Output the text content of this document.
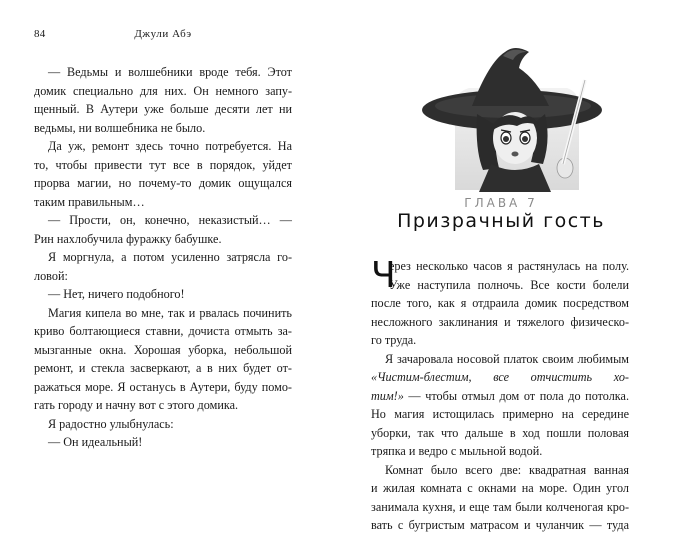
84	Джули Абэ
— Ведьмы и волшебники вроде тебя. Этот
домик специально для них. Он немного запу-
щенный. В Аутери уже больше десяти лет ни
ведьмы, ни волшебника не было.
Да уж, ремонт здесь точно потребуется. На
то, чтобы привести тут все в порядок, уйдет
прорва магии, но почему-то домик ощущался
таким правильным…
— Прости, он, конечно, неказистый… —
Рин нахлобучила фуражку бабушке.
Я моргнула, а потом усиленно затрясла го-
ловой:
— Нет, ничего подобного!
Магия кипела во мне, так и рвалась починить
криво болтающиеся ставни, дочиста отмыть за-
мызганные окна. Хорошая уборка, небольшой
ремонт, и стекла засверкают, а в них будет от-
ражаться море. Я останусь в Аутери, буду помо-
гать городу и начну вот с этого домика.
Я радостно улыбнулась:
— Он идеальный!
ГЛАВА 7
Призрачный гость
Ч
ерез несколько часов я растянулась на полу.
Уже наступила полночь. Все кости болели
после того, как я отдраила домик посредством
несложного заклинания и тяжелого физическо-
го труда.
Я зачаровала носовой платок своим любимым
«Чистим-блестим, все отчистить хо-
тим!» — чтобы отмыл дом от пола до потолка.
Но магия истощилась примерно на середине
уборки, так что дальше в ход пошли половая
тряпка и ведро с мыльной водой.
Комнат было всего две: квадратная ванная
и жилая комната с окнами на море. Один угол
занимала кухня, и еще там были колченогая кро-
вать с бугристым матрасом и чуланчик — туда
